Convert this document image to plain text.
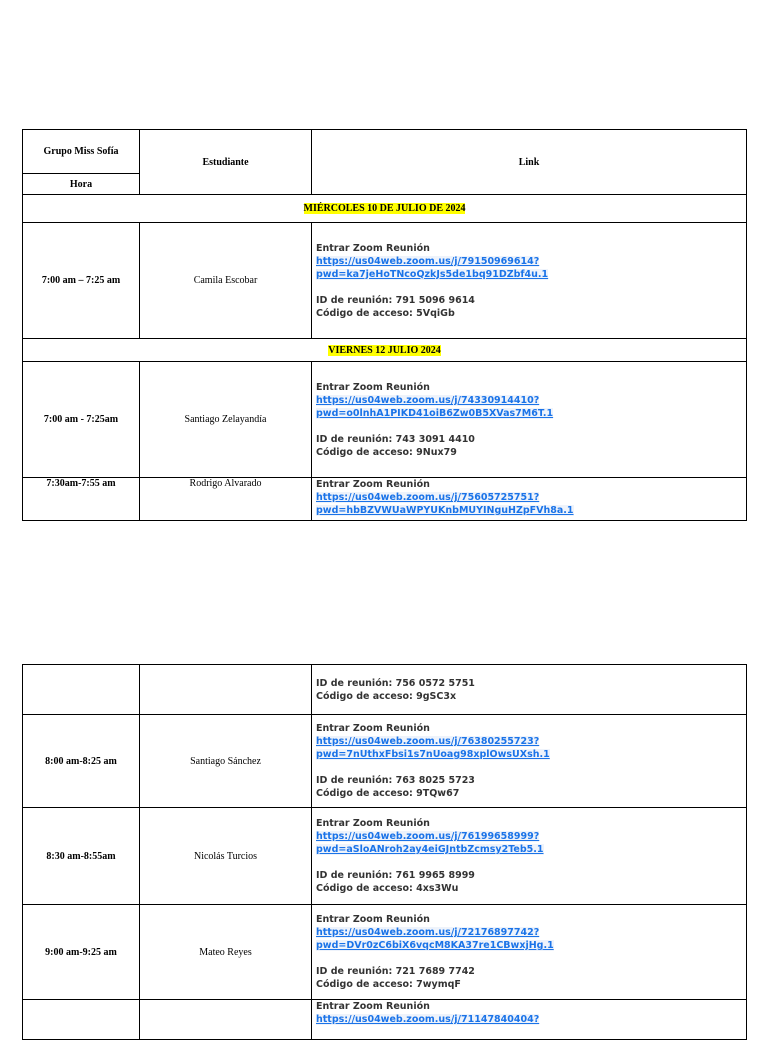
Grupo Miss Sofía	Estudiante	Link
Hora		
MIÉRCOLES 10 DE JULIO DE 2024		
7:00 am – 7:25 am	Camila Escobar	Entrar Zoom Reunión
https://us04web.zoom.us/j/79150969614?
pwd=ka7jeHoTNcoQzkJs5de1bq91DZbf4u.1
ID de reunión: 791 5096 9614
Código de acceso: 5VqiGb

VIERNES 12 JULIO 2024		
7:00 am - 7:25am	Santiago Zelayandía	Entrar Zoom Reunión
https://us04web.zoom.us/j/74330914410?
pwd=o0lnhA1PIKD41oiB6Zw0B5XVas7M6T.1
ID de reunión: 743 3091 4410
Código de acceso: 9Nux79

7:30am-7:55 am	Rodrigo Alvarado	Entrar Zoom Reunión
https://us04web.zoom.us/j/75605725751?
pwd=hbBZVWUaWPYUKnbMUYINguHZpFVh8a.1

		ID de reunión: 756 0572 5751
Código de acceso: 9gSC3x

8:00 am-8:25 am	Santiago Sánchez	Entrar Zoom Reunión
https://us04web.zoom.us/j/76380255723?
pwd=7nUthxFbsi1s7nUoag98xplOwsUXsh.1
ID de reunión: 763 8025 5723
Código de acceso: 9TQw67

8:30 am-8:55am	Nicolás Turcios	Entrar Zoom Reunión
https://us04web.zoom.us/j/76199658999?
pwd=aSloANroh2ay4eiGJntbZcmsy2Teb5.1
ID de reunión: 761 9965 8999
Código de acceso: 4xs3Wu

9:00 am-9:25 am	Mateo Reyes	Entrar Zoom Reunión
https://us04web.zoom.us/j/72176897742?
pwd=DVr0zC6biX6vqcM8KA37re1CBwxjHg.1
ID de reunión: 721 7689 7742
Código de acceso: 7wymqF

		Entrar Zoom Reunión
https://us04web.zoom.us/j/71147840404?
